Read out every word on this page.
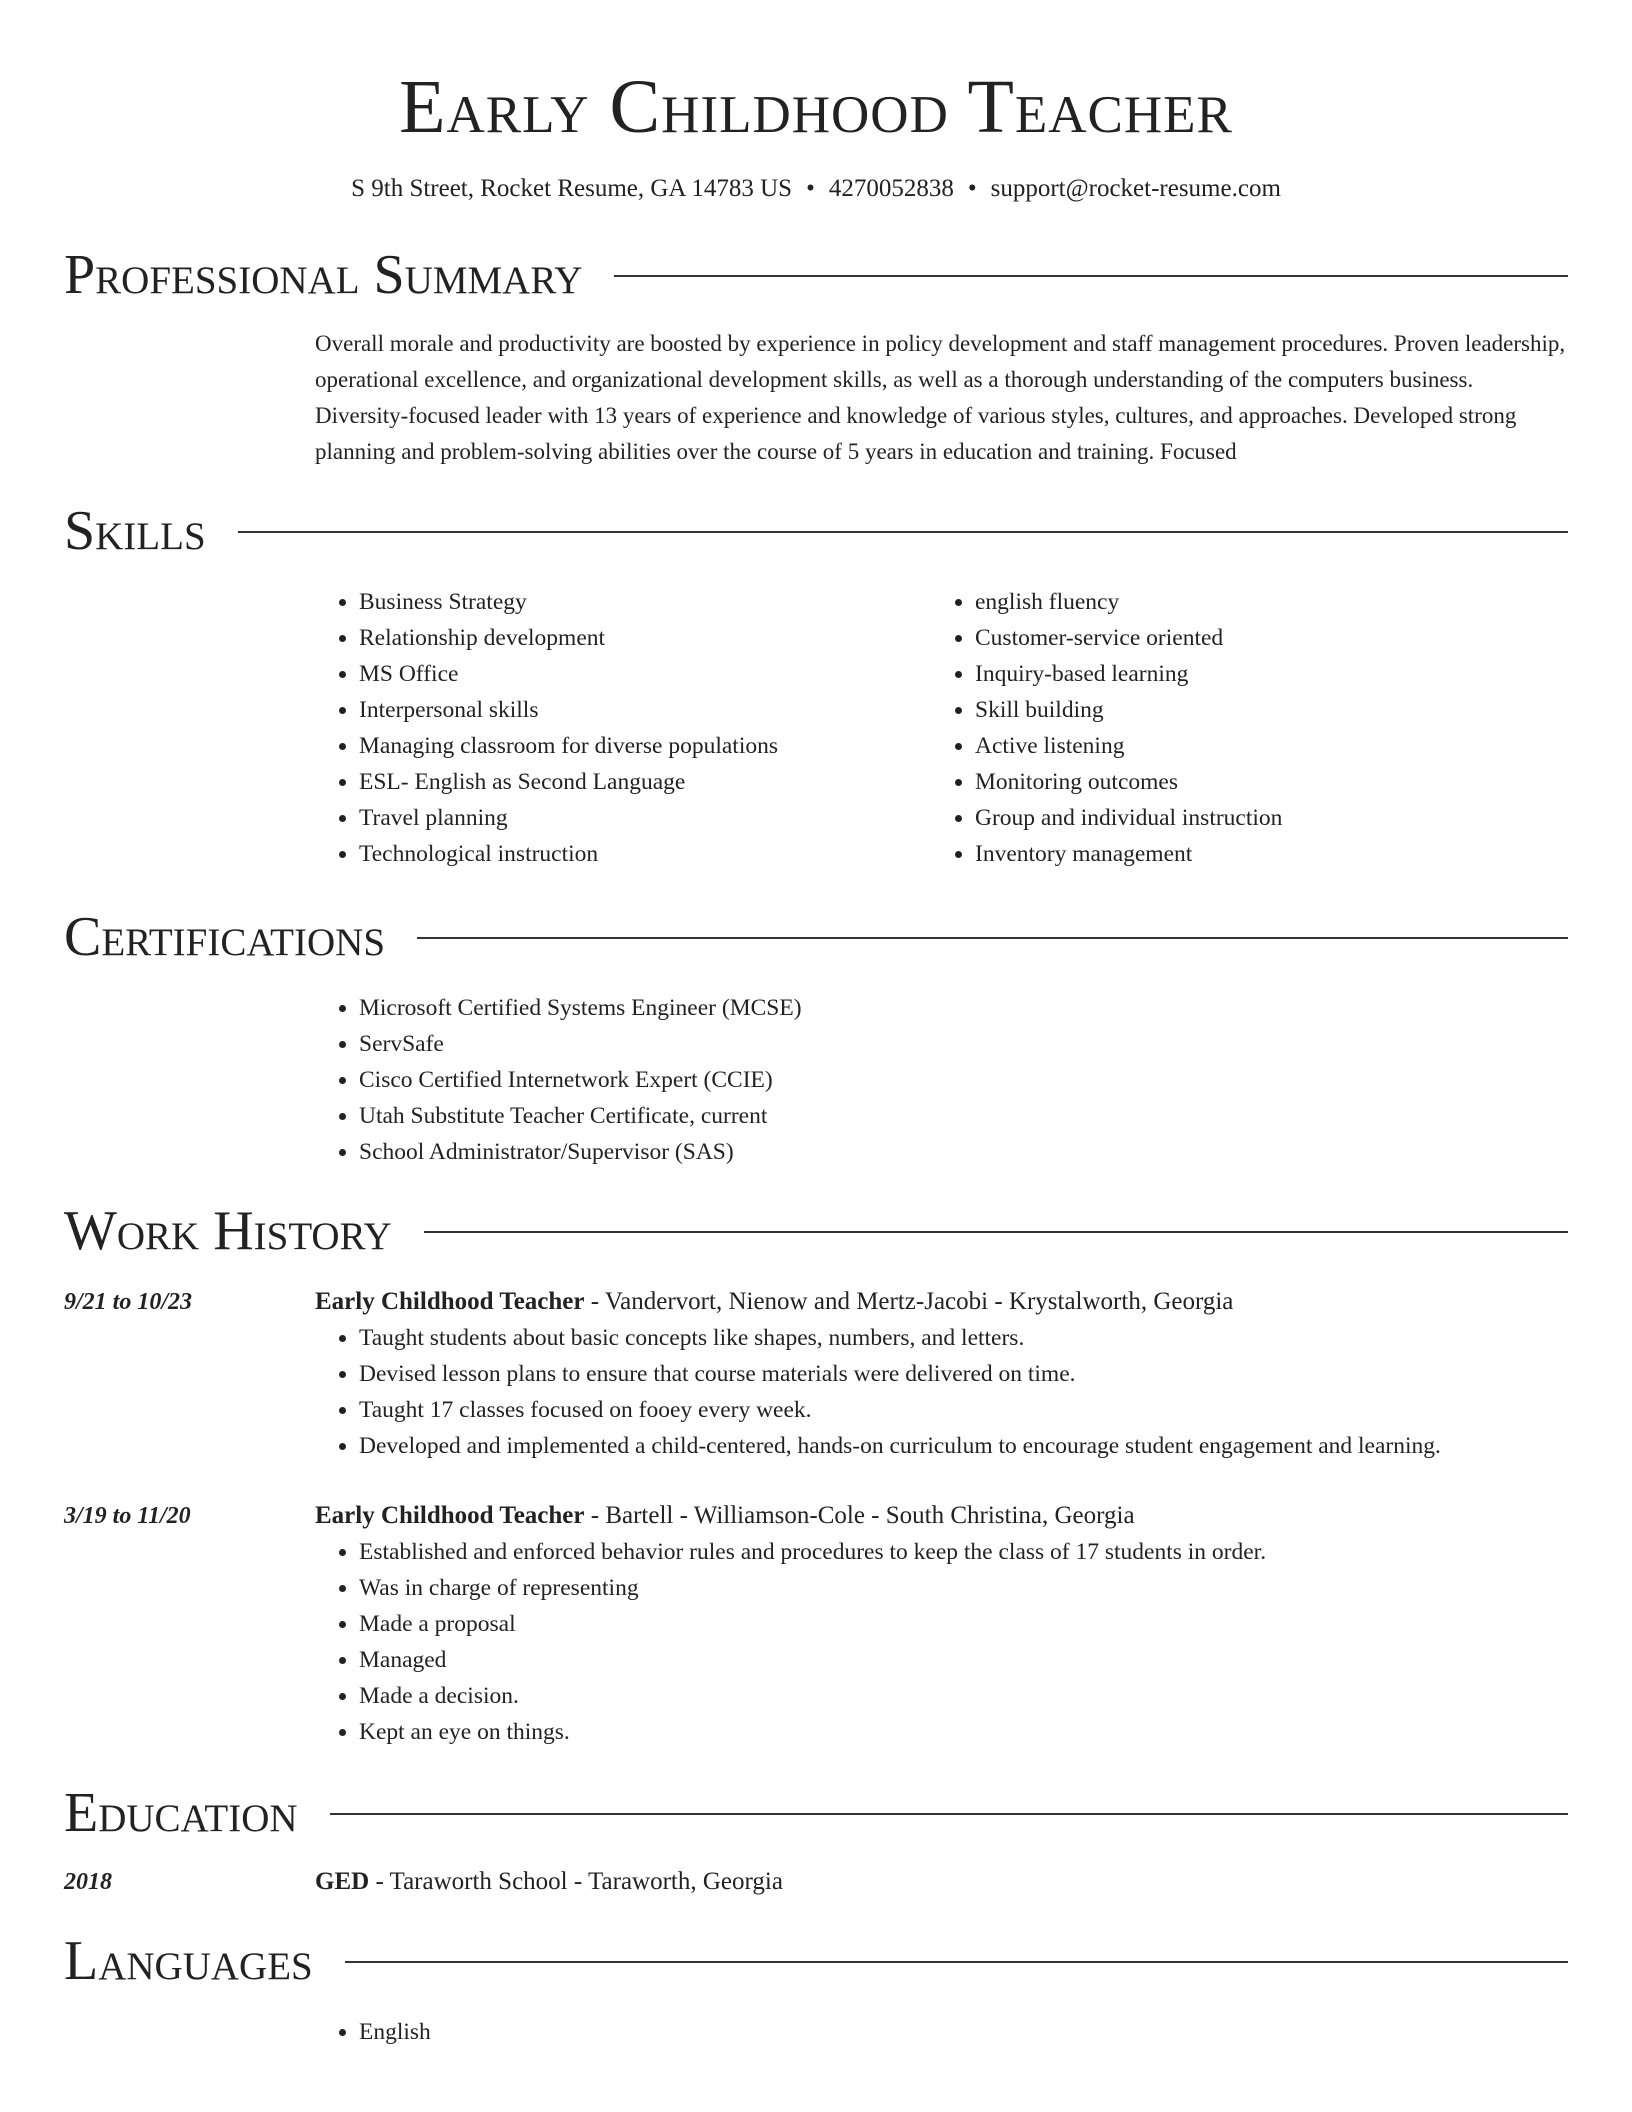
Early Childhood Teacher
S 9th Street, Rocket Resume, GA 14783 US • 4270052838 • support@rocket-resume.com
Professional Summary
Overall morale and productivity are boosted by experience in policy development and staff management procedures. Proven leadership, operational excellence, and organizational development skills, as well as a thorough understanding of the computers business. Diversity-focused leader with 13 years of experience and knowledge of various styles, cultures, and approaches. Developed strong planning and problem-solving abilities over the course of 5 years in education and training. Focused
Skills
• Business Strategy
• Relationship development
• MS Office
• Interpersonal skills
• Managing classroom for diverse populations
• ESL- English as Second Language
• Travel planning
• Technological instruction
• english fluency
• Customer-service oriented
• Inquiry-based learning
• Skill building
• Active listening
• Monitoring outcomes
• Group and individual instruction
• Inventory management
Certifications
• Microsoft Certified Systems Engineer (MCSE)
• ServSafe
• Cisco Certified Internetwork Expert (CCIE)
• Utah Substitute Teacher Certificate, current
• School Administrator/Supervisor (SAS)
Work History
9/21 to 10/23	Early Childhood Teacher - Vandervort, Nienow and Mertz-Jacobi - Krystalworth, Georgia
• Taught students about basic concepts like shapes, numbers, and letters.
• Devised lesson plans to ensure that course materials were delivered on time.
• Taught 17 classes focused on fooey every week.
• Developed and implemented a child-centered, hands-on curriculum to encourage student engagement and learning.
3/19 to 11/20	Early Childhood Teacher - Bartell - Williamson-Cole - South Christina, Georgia
• Established and enforced behavior rules and procedures to keep the class of 17 students in order.
• Was in charge of representing
• Made a proposal
• Managed
• Made a decision.
• Kept an eye on things.
Education
2018	GED - Taraworth School - Taraworth, Georgia
Languages
• English
